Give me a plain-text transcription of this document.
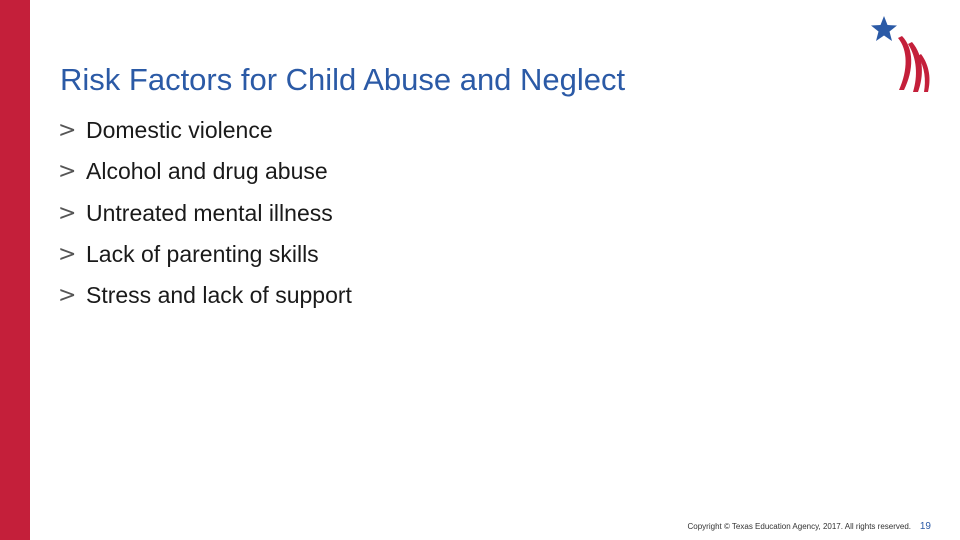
Risk Factors for Child Abuse and Neglect
> Domestic violence
> Alcohol and drug abuse
> Untreated mental illness
> Lack of parenting skills
> Stress and lack of support
Copyright © Texas Education Agency, 2017. All rights reserved. 19
